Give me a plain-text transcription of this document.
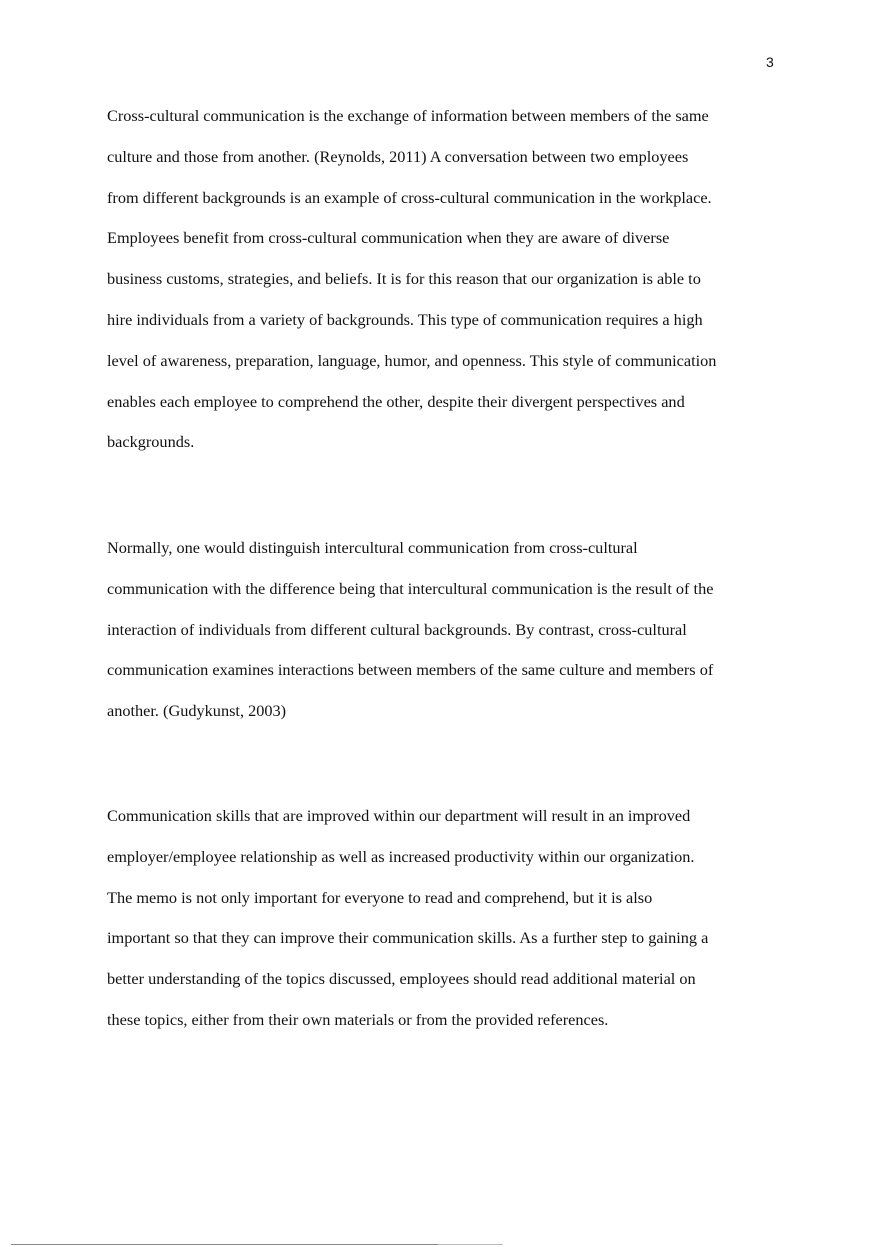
3
Cross-cultural communication is the exchange of information between members of the same
culture and those from another. (Reynolds, 2011) A conversation between two employees
from different backgrounds is an example of cross-cultural communication in the workplace.
Employees benefit from cross-cultural communication when they are aware of diverse
business customs, strategies, and beliefs. It is for this reason that our organization is able to
hire individuals from a variety of backgrounds. This type of communication requires a high
level of awareness, preparation, language, humor, and openness. This style of communication
enables each employee to comprehend the other, despite their divergent perspectives and
backgrounds.
Normally, one would distinguish intercultural communication from cross-cultural
communication with the difference being that intercultural communication is the result of the
interaction of individuals from different cultural backgrounds. By contrast, cross-cultural
communication examines interactions between members of the same culture and members of
another. (Gudykunst, 2003)
Communication skills that are improved within our department will result in an improved
employer/employee relationship as well as increased productivity within our organization.
The memo is not only important for everyone to read and comprehend, but it is also
important so that they can improve their communication skills. As a further step to gaining a
better understanding of the topics discussed, employees should read additional material on
these topics, either from their own materials or from the provided references.
